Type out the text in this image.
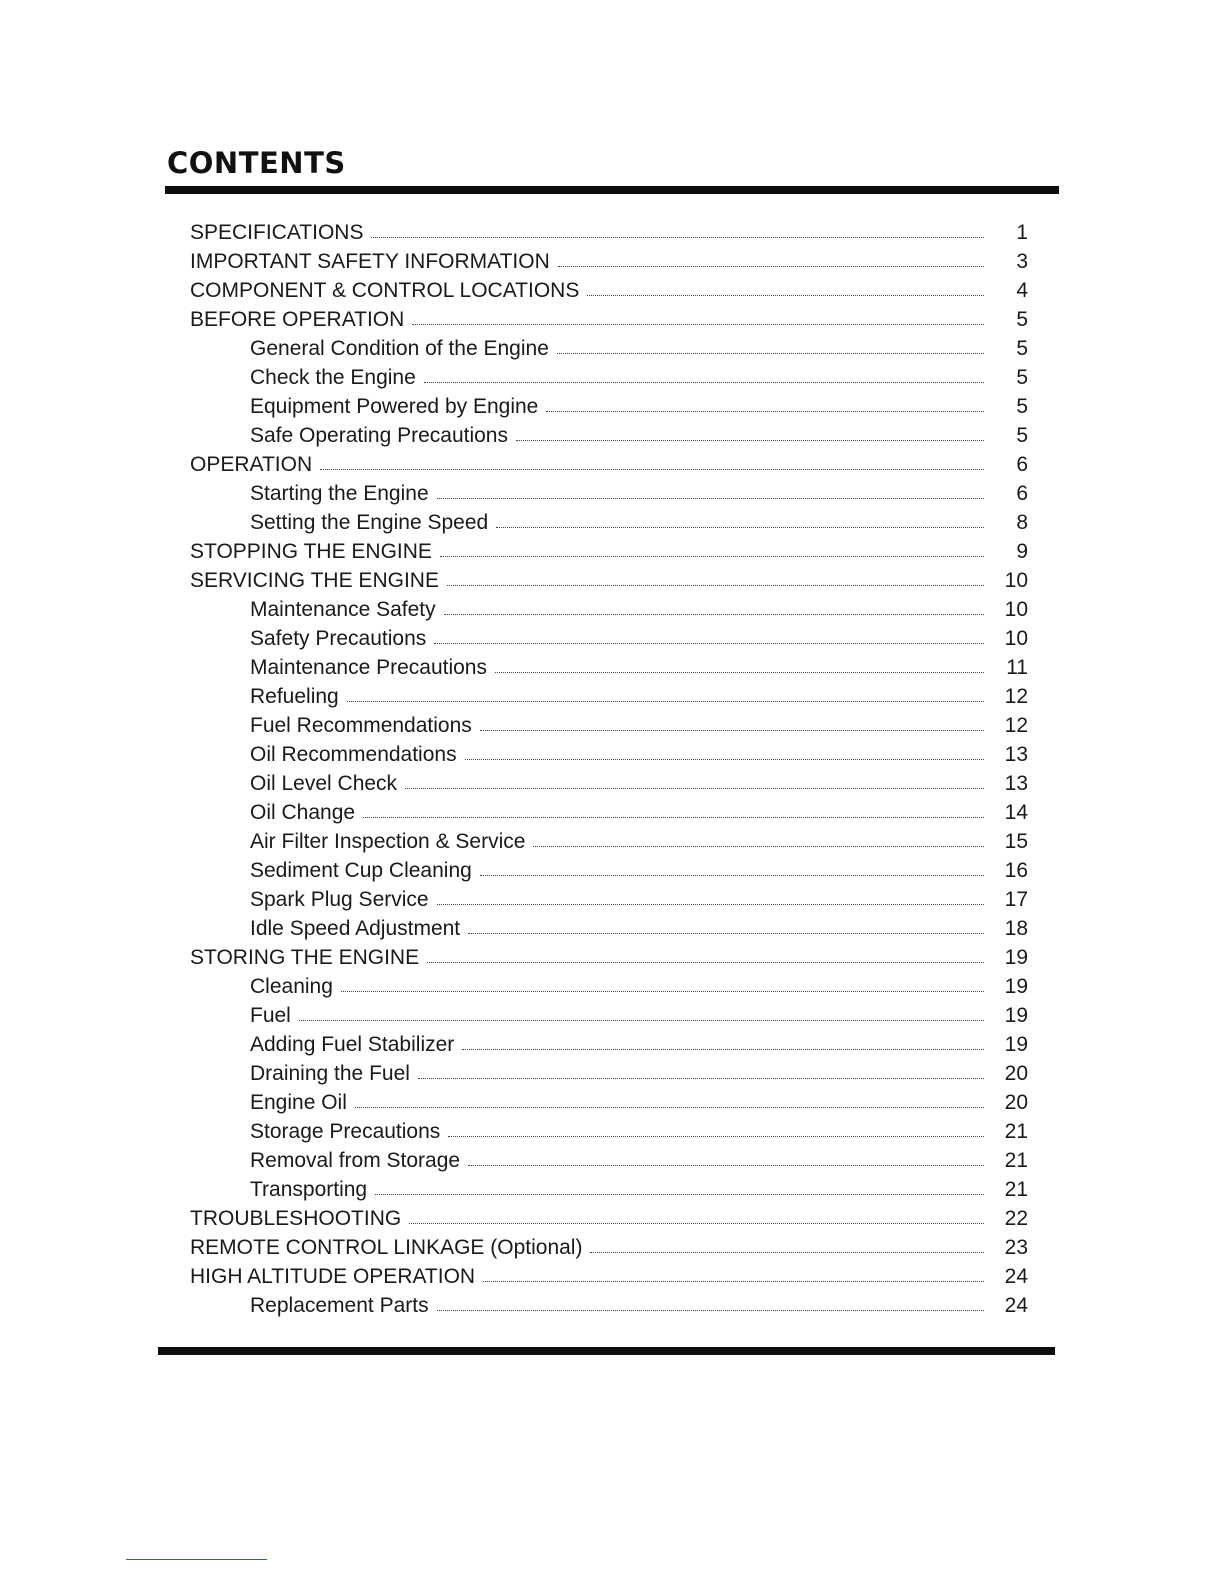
CONTENTS
SPECIFICATIONS	1
IMPORTANT SAFETY INFORMATION	3
COMPONENT & CONTROL LOCATIONS	4
BEFORE OPERATION	5
General Condition of the Engine	5
Check the Engine	5
Equipment Powered by Engine	5
Safe Operating Precautions	5
OPERATION	6
Starting the Engine	6
Setting the Engine Speed	8
STOPPING THE ENGINE	9
SERVICING THE ENGINE	10
Maintenance Safety	10
Safety Precautions	10
Maintenance Precautions	11
Refueling	12
Fuel Recommendations	12
Oil Recommendations	13
Oil Level Check	13
Oil Change	14
Air Filter Inspection & Service	15
Sediment Cup Cleaning	16
Spark Plug Service	17
Idle Speed Adjustment	18
STORING THE ENGINE	19
Cleaning	19
Fuel	19
Adding Fuel Stabilizer	19
Draining the Fuel	20
Engine Oil	20
Storage Precautions	21
Removal from Storage	21
Transporting	21
TROUBLESHOOTING	22
REMOTE CONTROL LINKAGE (Optional)	23
HIGH ALTITUDE OPERATION	24
Replacement Parts	24
